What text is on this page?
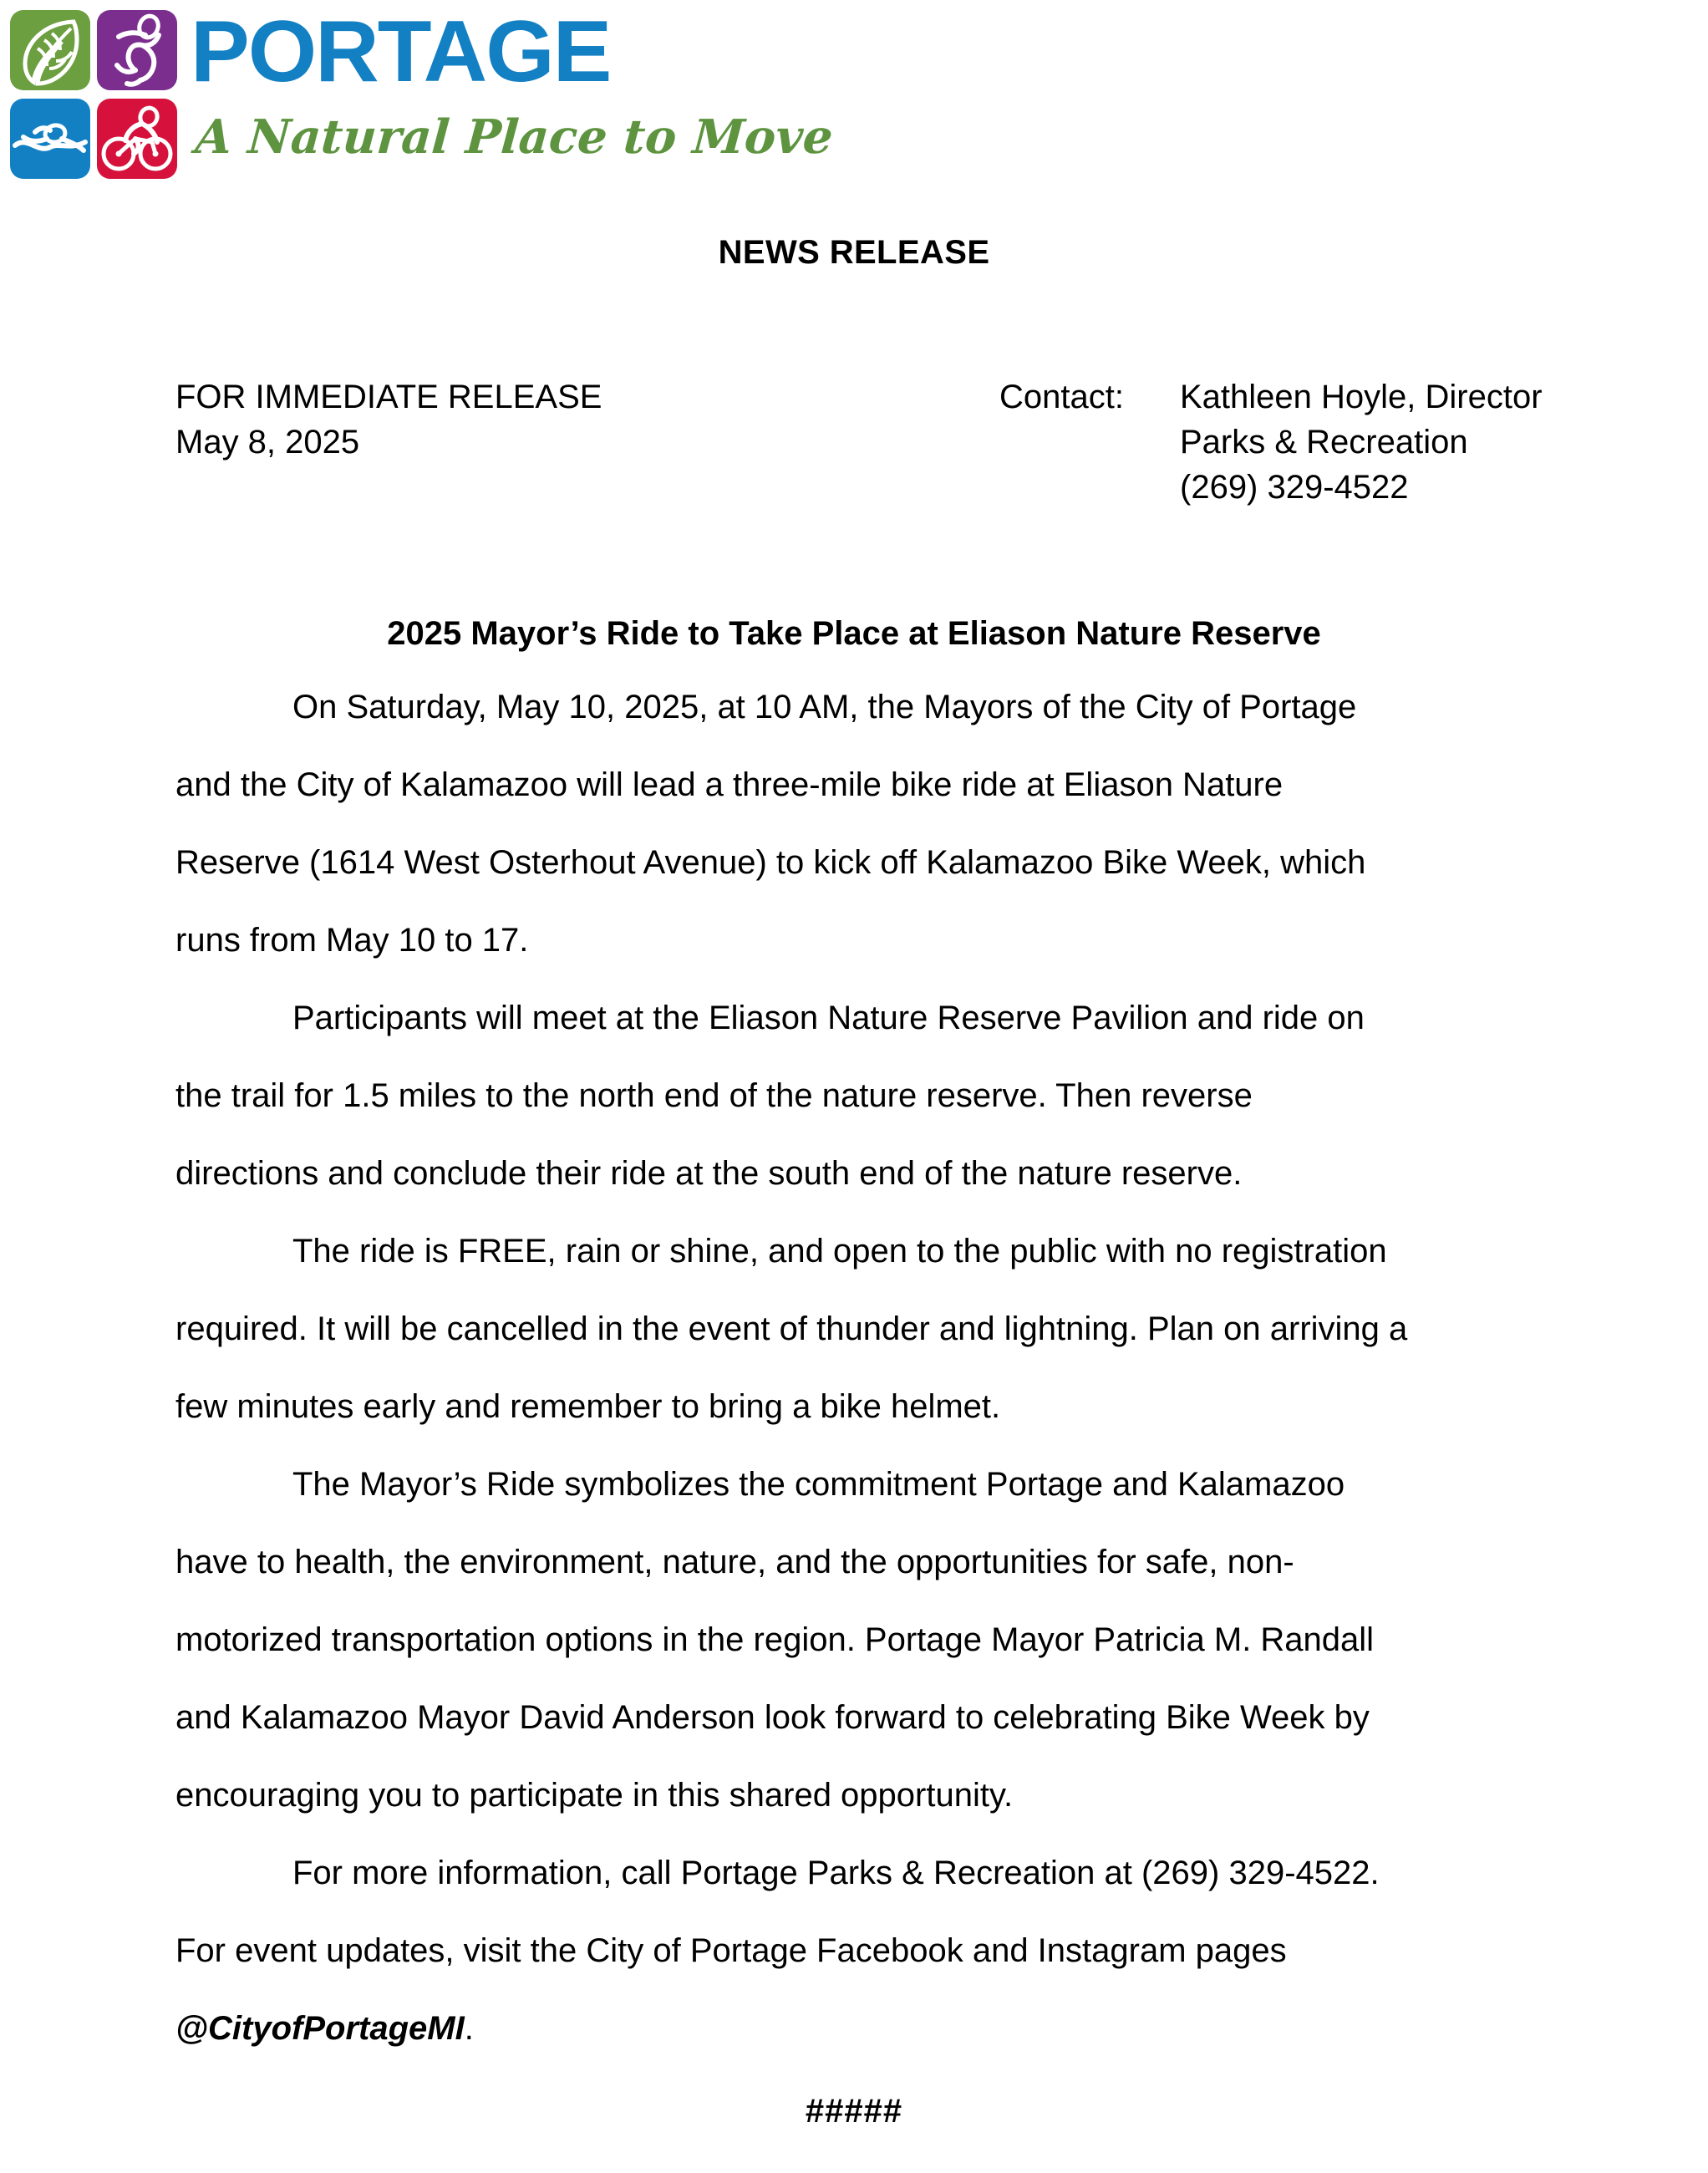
PORTAGE
A Natural Place to Move
NEWS RELEASE
FOR IMMEDIATE RELEASE
May 8, 2025
Contact:	Kathleen Hoyle, Director
Parks & Recreation
(269) 329-4522
2025 Mayor’s Ride to Take Place at Eliason Nature Reserve
On Saturday, May 10, 2025, at 10 AM, the Mayors of the City of Portage
and the City of Kalamazoo will lead a three-mile bike ride at Eliason Nature
Reserve (1614 West Osterhout Avenue) to kick off Kalamazoo Bike Week, which
runs from May 10 to 17.
Participants will meet at the Eliason Nature Reserve Pavilion and ride on
the trail for 1.5 miles to the north end of the nature reserve. Then reverse
directions and conclude their ride at the south end of the nature reserve.
The ride is FREE, rain or shine, and open to the public with no registration
required. It will be cancelled in the event of thunder and lightning. Plan on arriving a
few minutes early and remember to bring a bike helmet.
The Mayor’s Ride symbolizes the commitment Portage and Kalamazoo
have to health, the environment, nature, and the opportunities for safe, non-
motorized transportation options in the region. Portage Mayor Patricia M. Randall
and Kalamazoo Mayor David Anderson look forward to celebrating Bike Week by
encouraging you to participate in this shared opportunity.
For more information, call Portage Parks & Recreation at (269) 329-4522.
For event updates, visit the City of Portage Facebook and Instagram pages
@CityofPortageMI.
#####
